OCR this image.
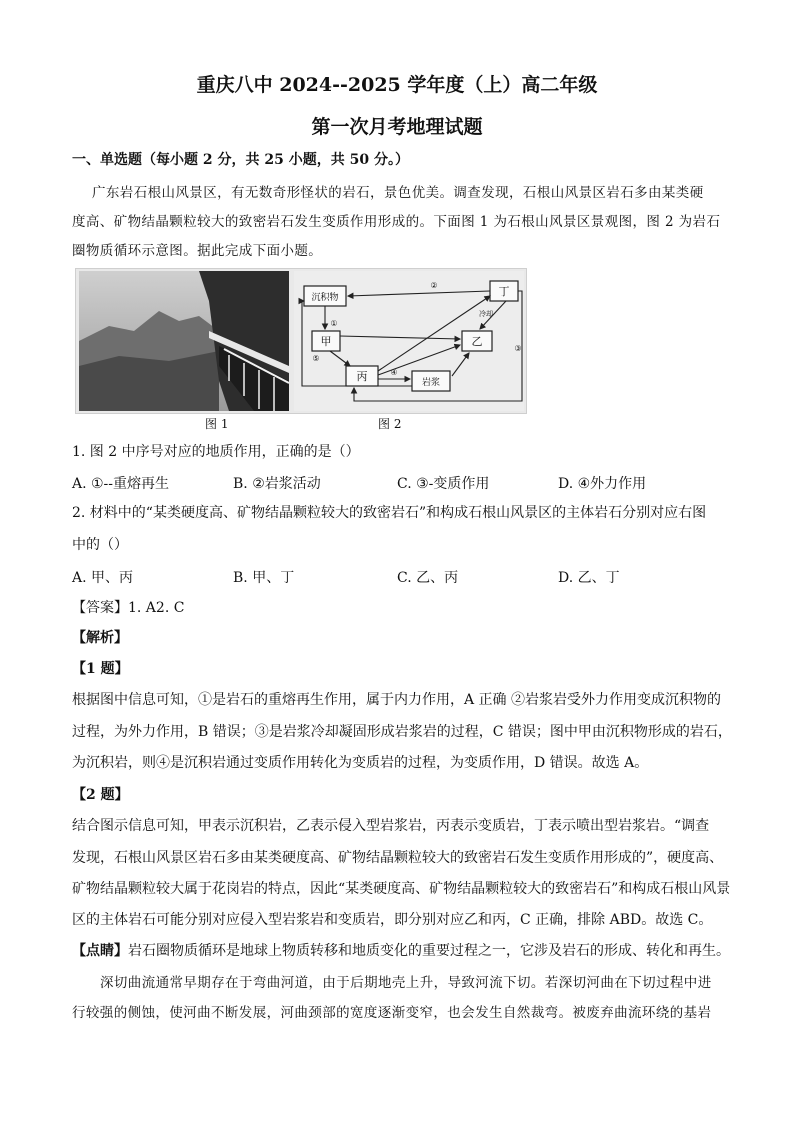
重庆八中 2024--2025 学年度（上）高二年级
第一次月考地理试题
一、单选题（每小题 2 分，共 25 小题，共 50 分。）
广东岩石根山风景区，有无数奇形怪状的岩石，景色优美。调查发现，石根山风景区岩石多由某类硬
度高、矿物结晶颗粒较大的致密岩石发生变质作用形成的。下面图 1 为石根山风景区景观图，图 2 为岩石
圈物质循环示意图。据此完成下面小题。
沉积物
甲
丙
乙
丁
岩浆
冷却
①
②
③
④
⑤
图 1	图 2
1. 图 2 中序号对应的地质作用，正确的是（）
A. ①--重熔再生	B. ②岩浆活动	C. ③-变质作用	D. ④外力作用
2. 材料中的“某类硬度高、矿物结晶颗粒较大的致密岩石”和构成石根山风景区的主体岩石分别对应右图
中的（）
A. 甲、丙	B. 甲、丁	C. 乙、丙	D. 乙、丁
【答案】1. A2. C
【解析】
【1 题】
根据图中信息可知，①是岩石的重熔再生作用，属于内力作用，A 正确 ②岩浆岩受外力作用变成沉积物的
过程，为外力作用，B 错误；③是岩浆冷却凝固形成岩浆岩的过程，C 错误；图中甲由沉积物形成的岩石，
为沉积岩，则④是沉积岩通过变质作用转化为变质岩的过程，为变质作用，D 错误。故选 A。
【2 题】
结合图示信息可知，甲表示沉积岩，乙表示侵入型岩浆岩，丙表示变质岩，丁表示喷出型岩浆岩。“调查
发现，石根山风景区岩石多由某类硬度高、矿物结晶颗粒较大的致密岩石发生变质作用形成的”，硬度高、
矿物结晶颗粒较大属于花岗岩的特点，因此“某类硬度高、矿物结晶颗粒较大的致密岩石”和构成石根山风景
区的主体岩石可能分别对应侵入型岩浆岩和变质岩，即分别对应乙和丙，C 正确，排除 ABD。故选 C。
【点睛】岩石圈物质循环是地球上物质转移和地质变化的重要过程之一，它涉及岩石的形成、转化和再生。
深切曲流通常早期存在于弯曲河道，由于后期地壳上升，导致河流下切。若深切河曲在下切过程中进
行较强的侧蚀，使河曲不断发展，河曲颈部的宽度逐渐变窄，也会发生自然裁弯。被废弃曲流环绕的基岩
